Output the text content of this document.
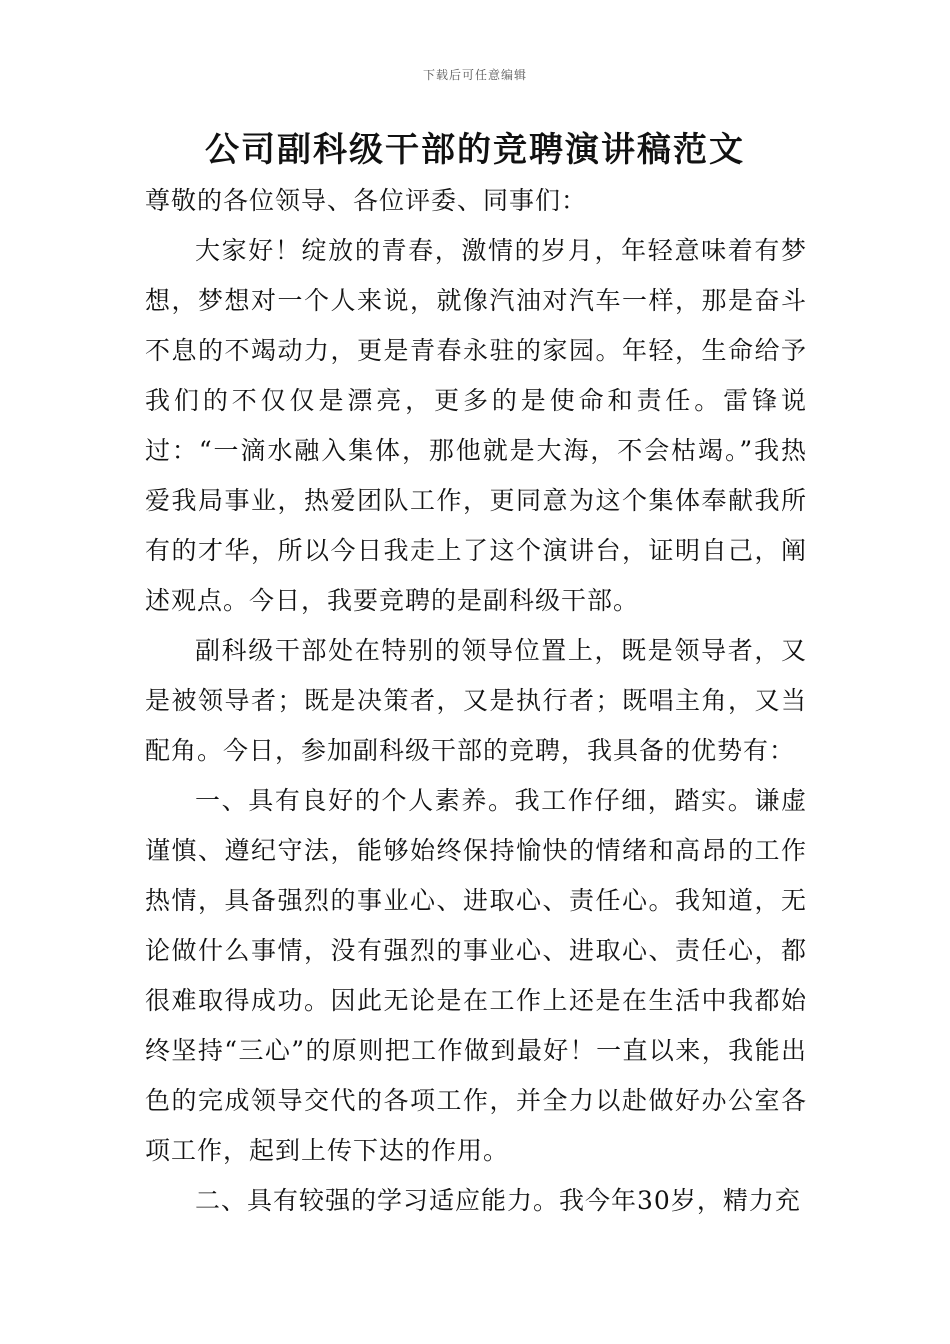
下载后可任意编辑
公司副科级干部的竞聘演讲稿范文

尊敬的各位领导、各位评委、同事们：

大家好！绽放的青春，激情的岁月，年轻意味着有梦想，梦想对一个人来说，就像汽油对汽车一样，那是奋斗不息的不竭动力，更是青春永驻的家园。年轻，生命给予我们的不仅仅是漂亮，更多的是使命和责任。雷锋说过：“一滴水融入集体，那他就是大海，不会枯竭。”我热爱我局事业，热爱团队工作，更同意为这个集体奉献我所有的才华，所以今日我走上了这个演讲台，证明自己，阐述观点。今日，我要竞聘的是副科级干部。

副科级干部处在特别的领导位置上，既是领导者，又是被领导者；既是决策者，又是执行者；既唱主角，又当配角。今日，参加副科级干部的竞聘，我具备的优势有：

一、具有良好的个人素养。我工作仔细，踏实。谦虚谨慎、遵纪守法，能够始终保持愉快的情绪和高昂的工作热情，具备强烈的事业心、进取心、责任心。我知道，无论做什么事情，没有强烈的事业心、进取心、责任心，都很难取得成功。因此无论是在工作上还是在生活中我都始终坚持“三心”的原则把工作做到最好！一直以来，我能出色的完成领导交代的各项工作，并全力以赴做好办公室各项工作，起到上传下达的作用。

二、具有较强的学习适应能力。我今年30岁，精力充
